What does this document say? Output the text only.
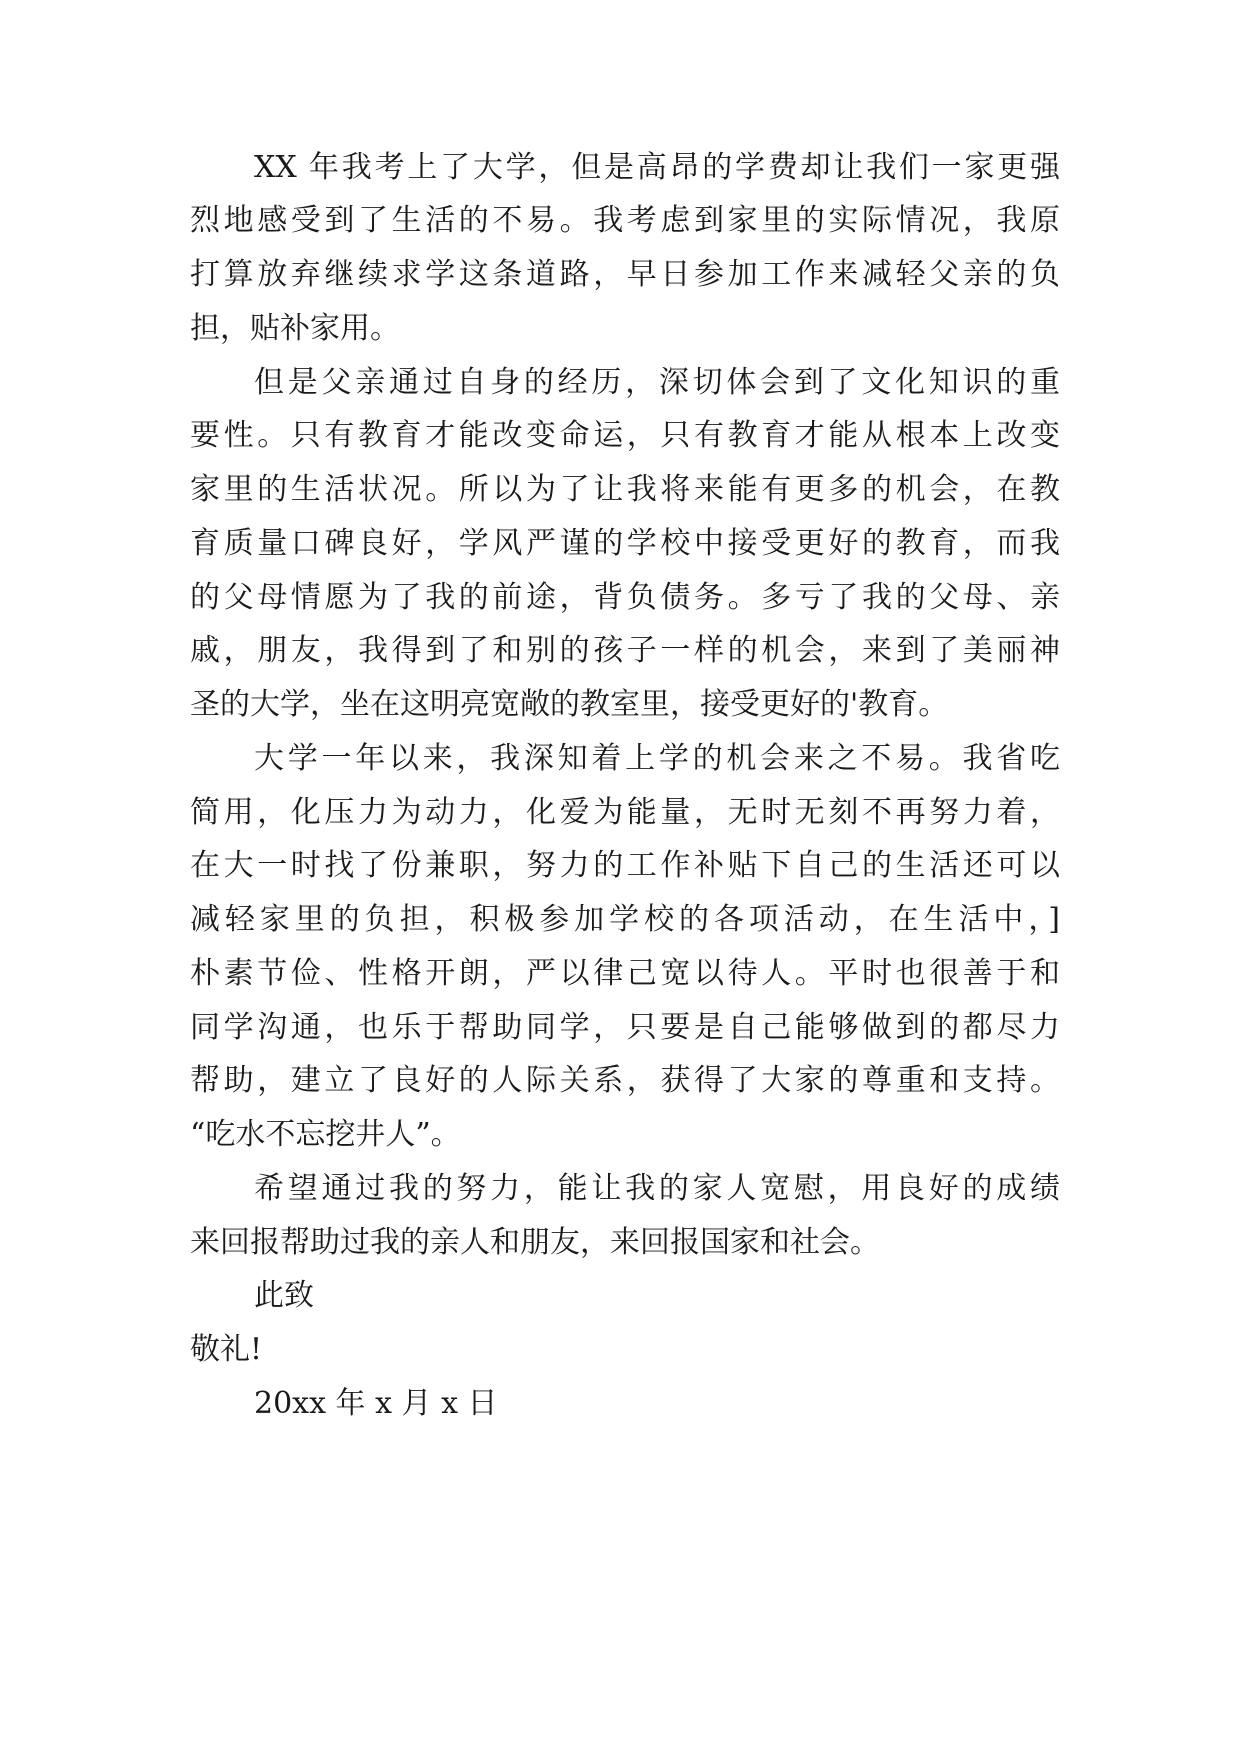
XX 年我考上了大学，但是高昂的学费却让我们一家更强

烈地感受到了生活的不易。我考虑到家里的实际情况，我原

打算放弃继续求学这条道路，早日参加工作来减轻父亲的负

担，贴补家用。

但是父亲通过自身的经历，深切体会到了文化知识的重

要性。只有教育才能改变命运，只有教育才能从根本上改变

家里的生活状况。所以为了让我将来能有更多的机会，在教

育质量口碑良好，学风严谨的学校中接受更好的教育，而我

的父母情愿为了我的前途，背负债务。多亏了我的父母、亲

戚，朋友，我得到了和别的孩子一样的机会，来到了美丽神

圣的大学，坐在这明亮宽敞的教室里，接受更好的'教育。

大学一年以来，我深知着上学的机会来之不易。我省吃

简用，化压力为动力，化爱为能量，无时无刻不再努力着，

在大一时找了份兼职，努力的工作补贴下自己的生活还可以

减轻家里的负担，积极参加学校的各项活动，在生活中，]

朴素节俭、性格开朗，严以律己宽以待人。平时也很善于和

同学沟通，也乐于帮助同学，只要是自己能够做到的都尽力

帮助，建立了良好的人际关系，获得了大家的尊重和支持。

“吃水不忘挖井人”。

希望通过我的努力，能让我的家人宽慰，用良好的成绩

来回报帮助过我的亲人和朋友，来回报国家和社会。

此致

敬礼!

20xx 年 x 月 x 日
